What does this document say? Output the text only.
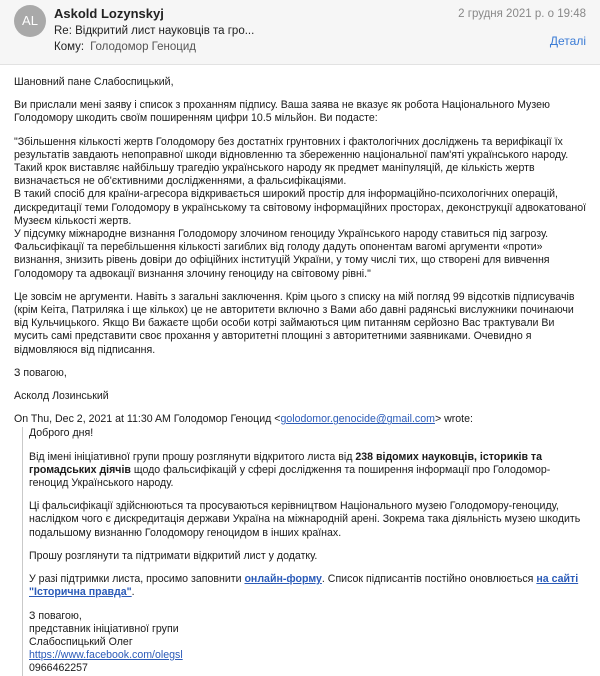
AL	Askold Lozynskyj	2 грудня 2021 р. о 19:48
Re: Відкритий лист науковців та гро...
Кому: Голодомор Геноцид	Деталі

Шановний пане Слабоспицький,

Ви прислали мені заяву і список з проханням підпису. Ваша заява не вказує як робота Національного Музею Голодомору шкодить своїм поширенням цифри 10.5 мільйон. Ви подасте:

"Збільшення кількості жертв Голодомору без достатніх грунтовних і фактологічних досліджень та верифікації їх результатів завдають непоправної шкоди відновленню та збереженню національної пам'яті українського народу.

Такий крок виставляє найбільшу трагедію українського народу як предмет маніпуляцій, де кількість жертв визначається не об'єктивними дослідженнями, а фальсифікаціями.

В такий спосіб для країни-агресора відкривається широкий простір для інформаційно-психологічних операцій, дискредитації теми Голодомору в українському та світовому інформаційних просторах, деконструкції адвокатованої Музеєм кількості жертв.

У підсумку міжнародне визнання Голодомору злочином геноциду Українського народу ставиться під загрозу.

Фальсифікації та перебільшення кількості загиблих від голоду дадуть опонентам вагомі аргументи «проти» визнання, знизить рівень довіри до офіційних інституцій України, у тому числі тих, що створені для вивчення Голодомору та адвокації визнання злочину геноциду на світовому рівні."

Це зовсім не аргументи. Навіть з загальні заключення. Крім цього з списку на мій погляд 99 відсотків підписувачів (крім Кеіта, Патриляка і ще кількох) це не авторитети включно з Вами або давні радянські вислужники починаючи від Кульчицького. Якщо Ви бажаєте щоби особи котрі займаються цим питанням серйозно Вас трактували Ви мусить самі представити своє прохання у авторитетні площині з авторитетними заявниками. Очевидно я відмовляюся від підписання.

З повагою,

Асколд Лозинський

On Thu, Dec 2, 2021 at 11:30 AM Голодомор Геноцид <golodomor.genocide@gmail.com> wrote:

Доброго дня!

Від імені ініціативної групи прошу розглянути відкритого листа від 238 відомих науковців, істориків та громадських діячів щодо фальсифікацій у сфері дослідження та поширення інформації про Голодомор-геноцид Українського народу.

Ці фальсифікації здійснюються та просуваються керівництвом Національного музею Голодомору-геноциду, наслідком чого є дискредитація держави Україна на міжнародній арені. Зокрема така діяльність музею шкодить подальшому визнанню Голодомору геноцидом в інших країнах.

Прошу розглянути та підтримати відкритий лист у додатку.

У разі підтримки листа, просимо заповнити онлайн-форму. Список підписантів постійно оновлюється на сайті "Історична правда".

З повагою,

представник ініціативної групи

Слабоспицький Олег

https://www.facebook.com/olegsl

0966462257
